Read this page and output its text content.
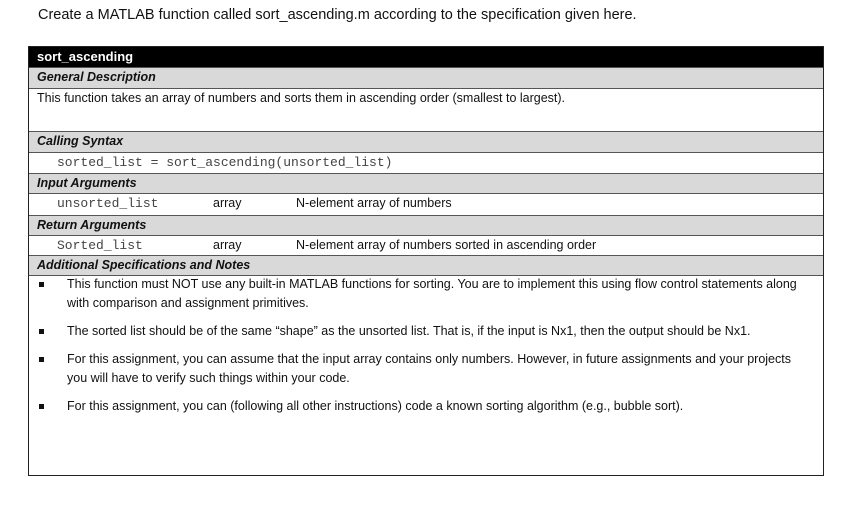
Create a MATLAB function called sort_ascending.m according to the specification given here.
sort_ascending
General Description
This function takes an array of numbers and sorts them in ascending order (smallest to largest).
Calling Syntax
sorted_list = sort_ascending(unsorted_list)
Input Arguments
unsorted_list	array	N-element array of numbers
Return Arguments
Sorted_list	array	N-element array of numbers sorted in ascending order
Additional Specifications and Notes
This function must NOT use any built-in MATLAB functions for sorting. You are to implement this using flow control statements along with comparison and assignment primitives.
The sorted list should be of the same “shape” as the unsorted list. That is, if the input is Nx1, then the output should be Nx1.
For this assignment, you can assume that the input array contains only numbers. However, in future assignments and your projects you will have to verify such things within your code.
For this assignment, you can (following all other instructions) code a known sorting algorithm (e.g., bubble sort).
